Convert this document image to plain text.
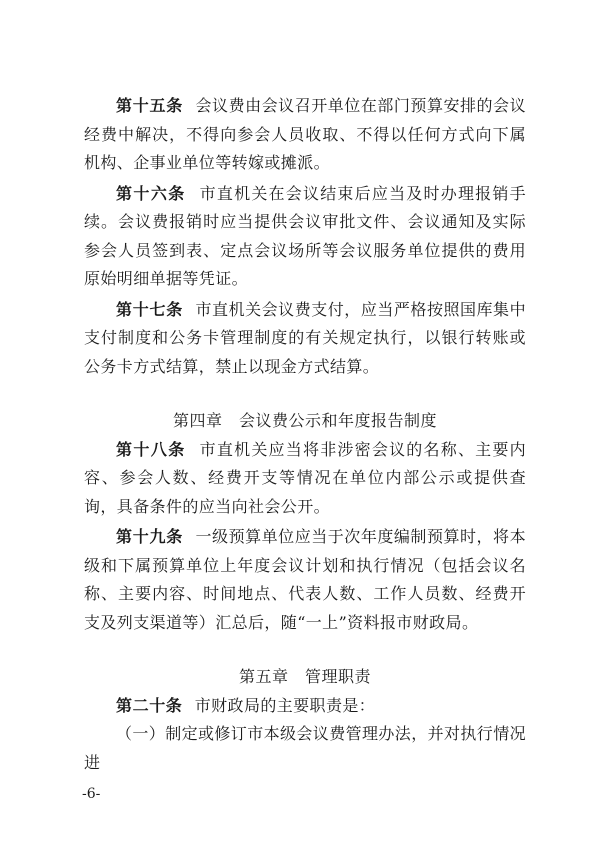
第十五条 会议费由会议召开单位在部门预算安排的会议经费中解决，不得向参会人员收取、不得以任何方式向下属机构、企事业单位等转嫁或摊派。

第十六条 市直机关在会议结束后应当及时办理报销手续。会议费报销时应当提供会议审批文件、会议通知及实际参会人员签到表、定点会议场所等会议服务单位提供的费用原始明细单据等凭证。

第十七条 市直机关会议费支付，应当严格按照国库集中支付制度和公务卡管理制度的有关规定执行，以银行转账或公务卡方式结算，禁止以现金方式结算。

第四章　会议费公示和年度报告制度

第十八条 市直机关应当将非涉密会议的名称、主要内容、参会人数、经费开支等情况在单位内部公示或提供查询，具备条件的应当向社会公开。

第十九条 一级预算单位应当于次年度编制预算时，将本级和下属预算单位上年度会议计划和执行情况（包括会议名称、主要内容、时间地点、代表人数、工作人员数、经费开支及列支渠道等）汇总后，随“一上”资料报市财政局。

第五章　管理职责

第二十条 市财政局的主要职责是：

（一）制定或修订市本级会议费管理办法，并对执行情况进

-6-
